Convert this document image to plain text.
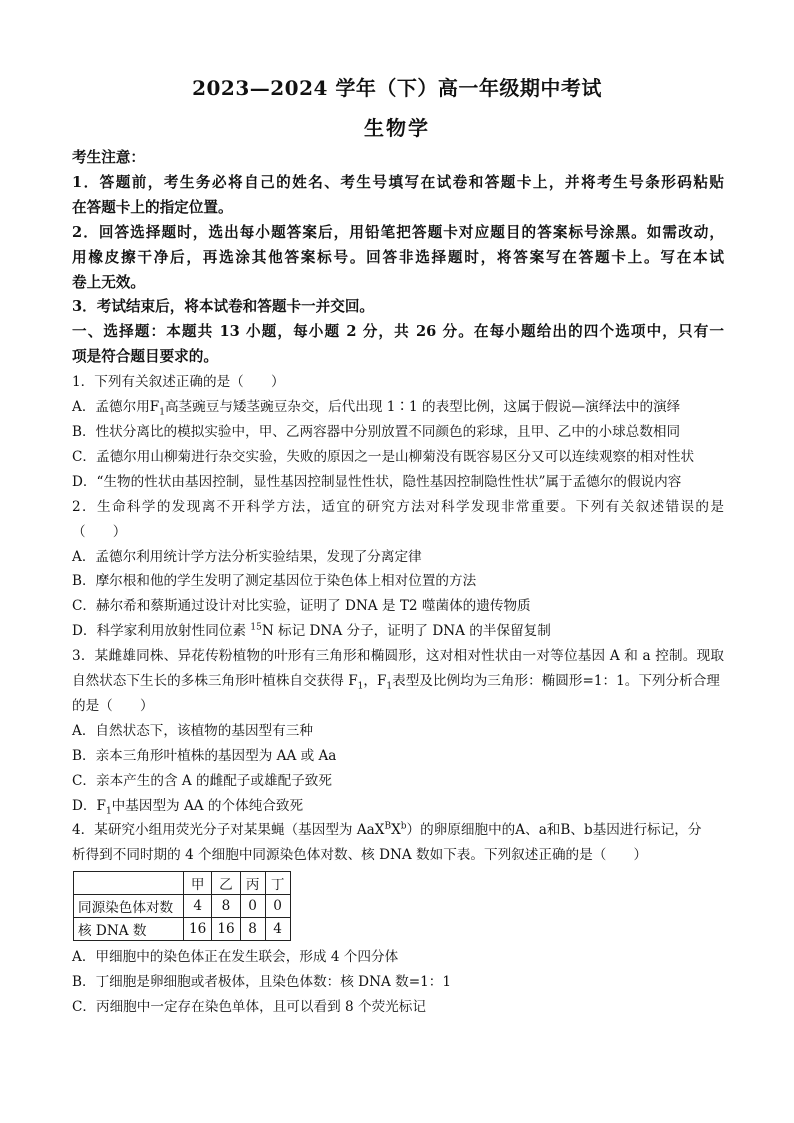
2023—2024 学年（下）高一年级期中考试
生物学
考生注意：
1．答题前，考生务必将自己的姓名、考生号填写在试卷和答题卡上，并将考生号条形码粘贴
在答题卡上的指定位置。
2．回答选择题时，选出每小题答案后，用铅笔把答题卡对应题目的答案标号涂黑。如需改动，
用橡皮擦干净后，再选涂其他答案标号。回答非选择题时，将答案写在答题卡上。写在本试
卷上无效。
3．考试结束后，将本试卷和答题卡一并交回。
一、选择题：本题共 13 小题，每小题 2 分，共 26 分。在每小题给出的四个选项中，只有一
项是符合题目要求的。
1．下列有关叙述正确的是（　　）
A．孟德尔用$F_1$高茎豌豆与矮茎豌豆杂交，后代出现 1∶1 的表型比例，这属于假说—演绎法中的演绎
B．性状分离比的模拟实验中，甲、乙两容器中分别放置不同颜色的彩球，且甲、乙中的小球总数相同
C．孟德尔用山柳菊进行杂交实验，失败的原因之一是山柳菊没有既容易区分又可以连续观察的相对性状
D．“生物的性状由基因控制，显性基因控制显性性状，隐性基因控制隐性性状”属于孟德尔的假说内容
2．生命科学的发现离不开科学方法，适宜的研究方法对科学发现非常重要。下列有关叙述错误的是
（　　）
A．孟德尔利用统计学方法分析实验结果，发现了分离定律
B．摩尔根和他的学生发明了测定基因位于染色体上相对位置的方法
C．赫尔希和蔡斯通过设计对比实验，证明了 DNA 是 T2 噬菌体的遗传物质
D．科学家利用放射性同位素 $^{15}$N 标记 DNA 分子，证明了 DNA 的半保留复制
3．某雌雄同株、异花传粉植物的叶形有三角形和椭圆形，这对相对性状由一对等位基因 A 和 a 控制。现取
自然状态下生长的多株三角形叶植株自交获得 $F_1$，$F_1$表型及比例均为三角形：椭圆形=1：1。下列分析合理
的是（　　）
A．自然状态下，该植物的基因型有三种
B．亲本三角形叶植株的基因型为 AA 或 Aa
C．亲本产生的含 A 的雌配子或雄配子致死
D．$F_1$中基因型为 AA 的个体纯合致死
4．某研究小组用荧光分子对某果蝇（基因型为 $AaX^BX^b$）的卵原细胞中的A、a和B、b基因进行标记，分
析得到不同时期的 4 个细胞中同源染色体对数、核 DNA 数如下表。下列叙述正确的是（　　）
	甲	乙	丙	丁
同源染色体对数	4	8	0	0
核 DNA 数	16	16	8	4
A．甲细胞中的染色体正在发生联会，形成 4 个四分体
B．丁细胞是卵细胞或者极体，且染色体数：核 DNA 数=1：1
C．丙细胞中一定存在染色单体，且可以看到 8 个荧光标记
